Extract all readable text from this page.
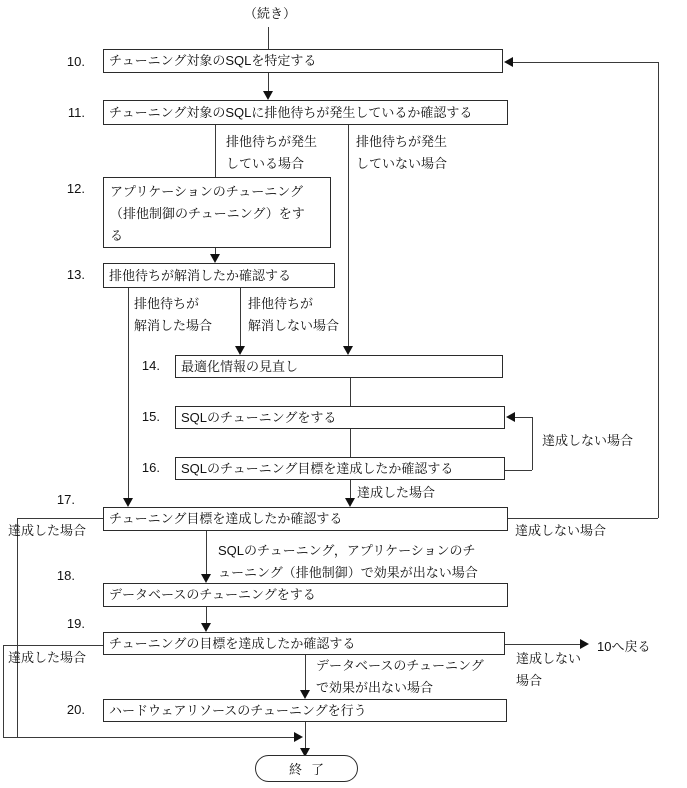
（続き）
10.
11.
12.
13.
14.
15.
16.
17.
18.
19.
20.
チューニング対象のSQLを特定する
チューニング対象のSQLに排他待ちが発生しているか確認する
アプリケーションのチューニング
（排他制御のチューニング）をす
る
排他待ちが解消したか確認する
最適化情報の見直し
SQLのチューニングをする
SQLのチューニング目標を達成したか確認する
チューニング目標を達成したか確認する
データベースのチューニングをする
チューニングの目標を達成したか確認する
ハードウェアリソースのチューニングを行う
排他待ちが発生
している場合
排他待ちが発生
していない場合
排他待ちが
解消した場合
排他待ちが
解消しない場合
達成した場合
達成しない場合
達成しない場合
達成した場合
SQLのチューニング，アプリケーションのチ
ューニング（排他制御）で効果が出ない場合
10へ戻る
達成しない
場合
達成した場合
データベースのチューニング
で効果が出ない場合
終了
